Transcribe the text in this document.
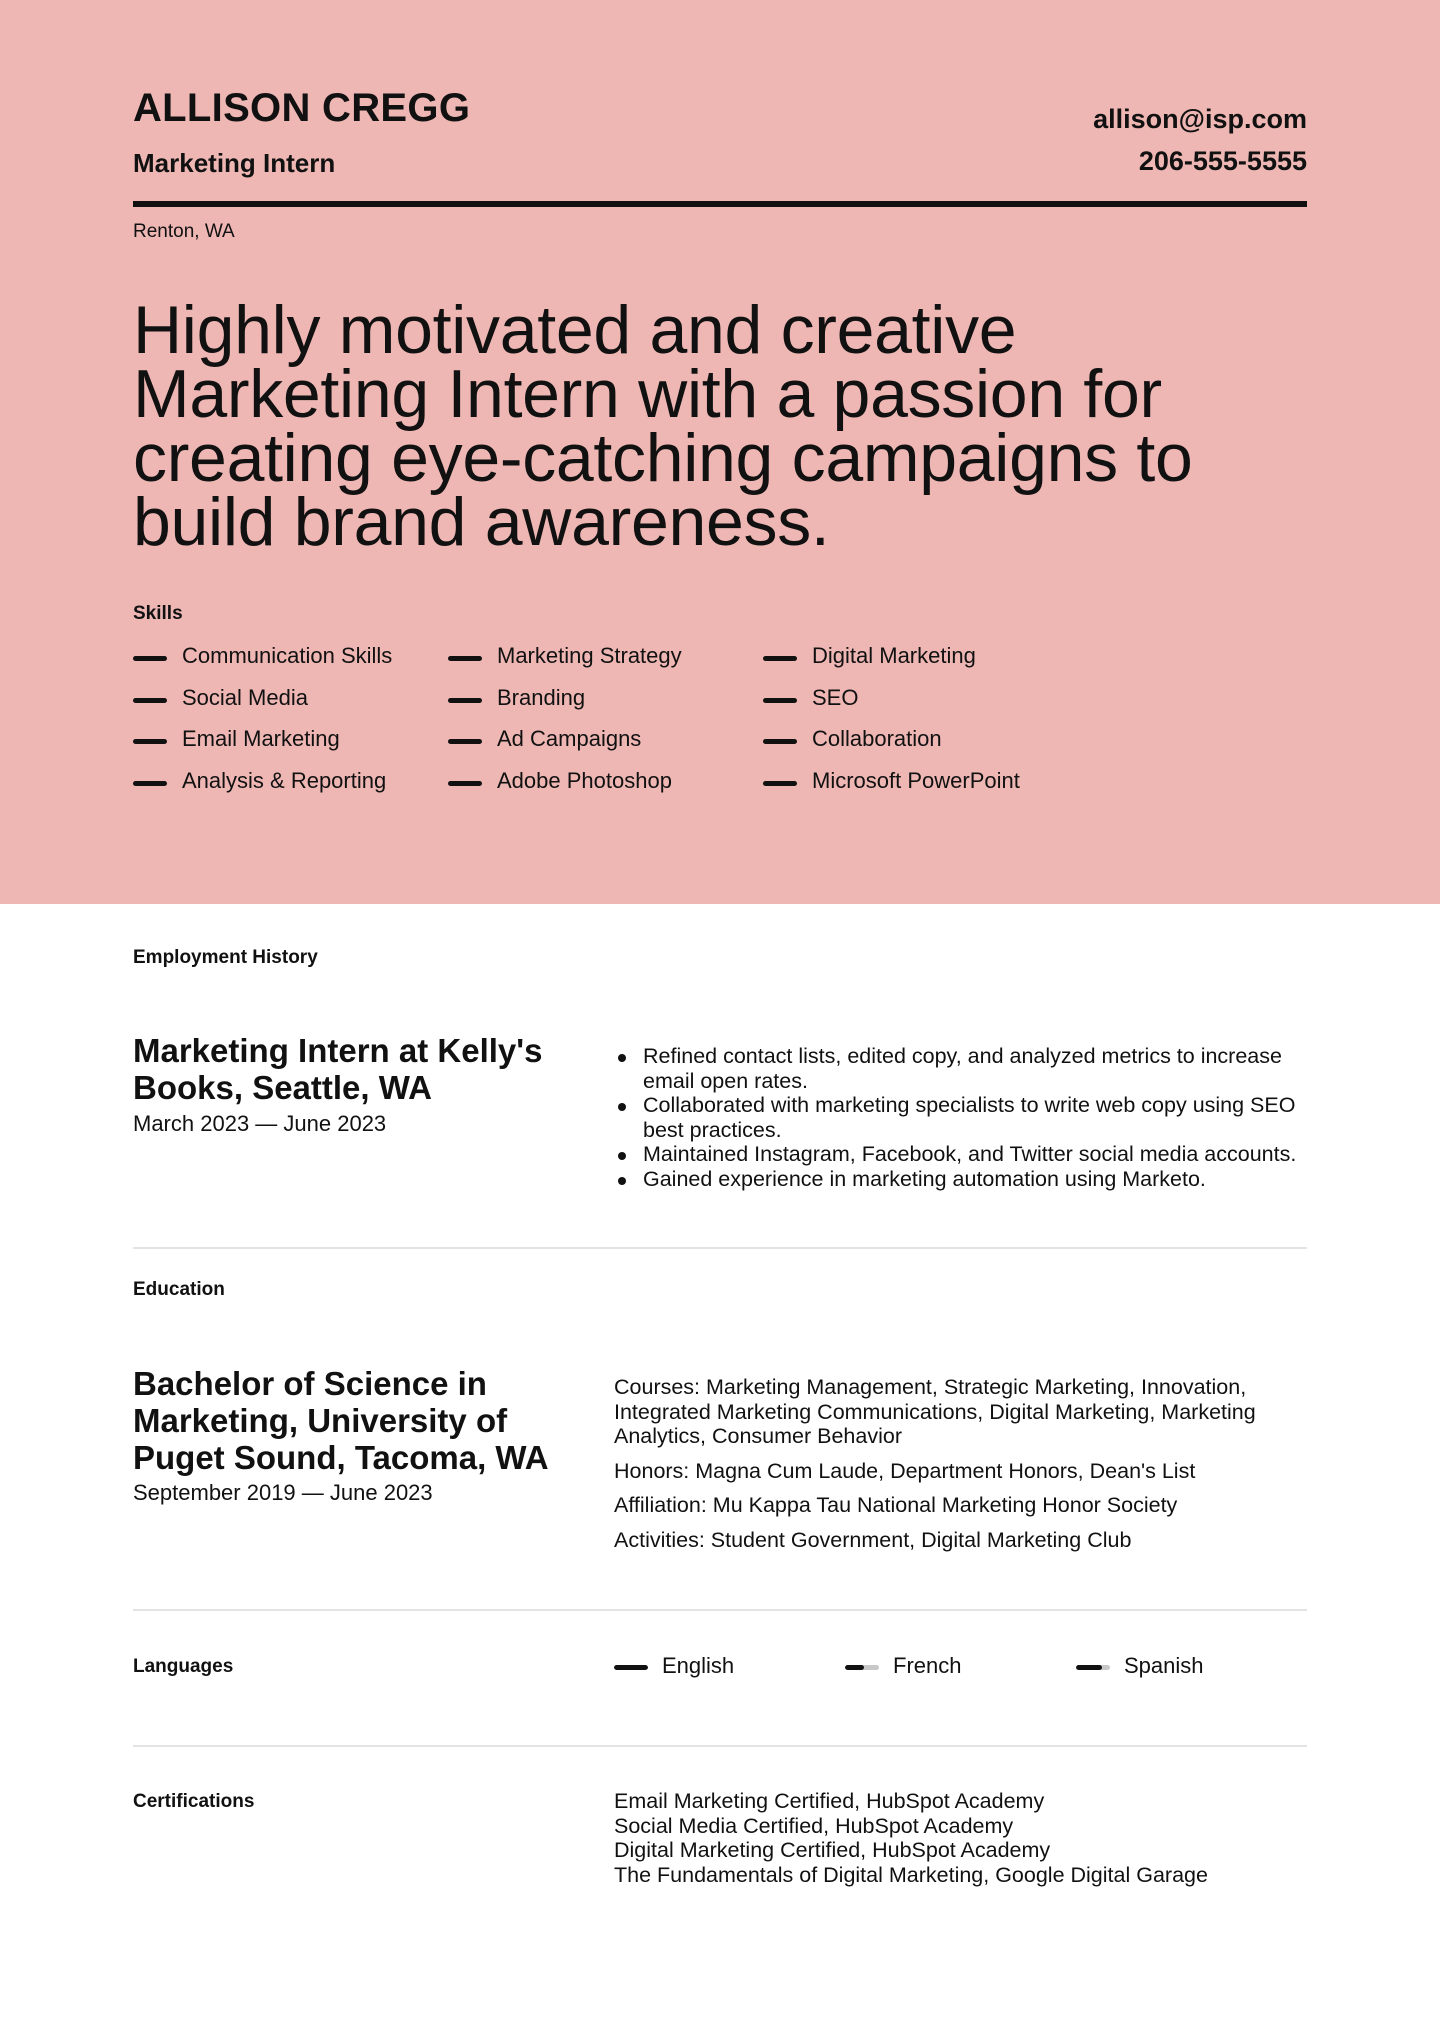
ALLISON CREGG
Marketing Intern
allison@isp.com
206-555-5555
Renton, WA
Highly motivated and creative Marketing Intern with a passion for creating eye-catching campaigns to build brand awareness.
Skills
Communication Skills
Social Media
Email Marketing
Analysis & Reporting
Marketing Strategy
Branding
Ad Campaigns
Adobe Photoshop
Digital Marketing
SEO
Collaboration
Microsoft PowerPoint
Employment History
Marketing Intern at Kelly's Books, Seattle, WA
March 2023 — June 2023
Refined contact lists, edited copy, and analyzed metrics to increase email open rates.
Collaborated with marketing specialists to write web copy using SEO best practices.
Maintained Instagram, Facebook, and Twitter social media accounts.
Gained experience in marketing automation using Marketo.
Education
Bachelor of Science in Marketing, University of Puget Sound, Tacoma, WA
September 2019 — June 2023
Courses: Marketing Management, Strategic Marketing, Innovation, Integrated Marketing Communications, Digital Marketing, Marketing Analytics, Consumer Behavior
Honors: Magna Cum Laude, Department Honors, Dean's List
Affiliation: Mu Kappa Tau National Marketing Honor Society
Activities: Student Government, Digital Marketing Club
Languages	English	French	Spanish
Certifications	Email Marketing Certified, HubSpot Academy
Social Media Certified, HubSpot Academy
Digital Marketing Certified, HubSpot Academy
The Fundamentals of Digital Marketing, Google Digital Garage
